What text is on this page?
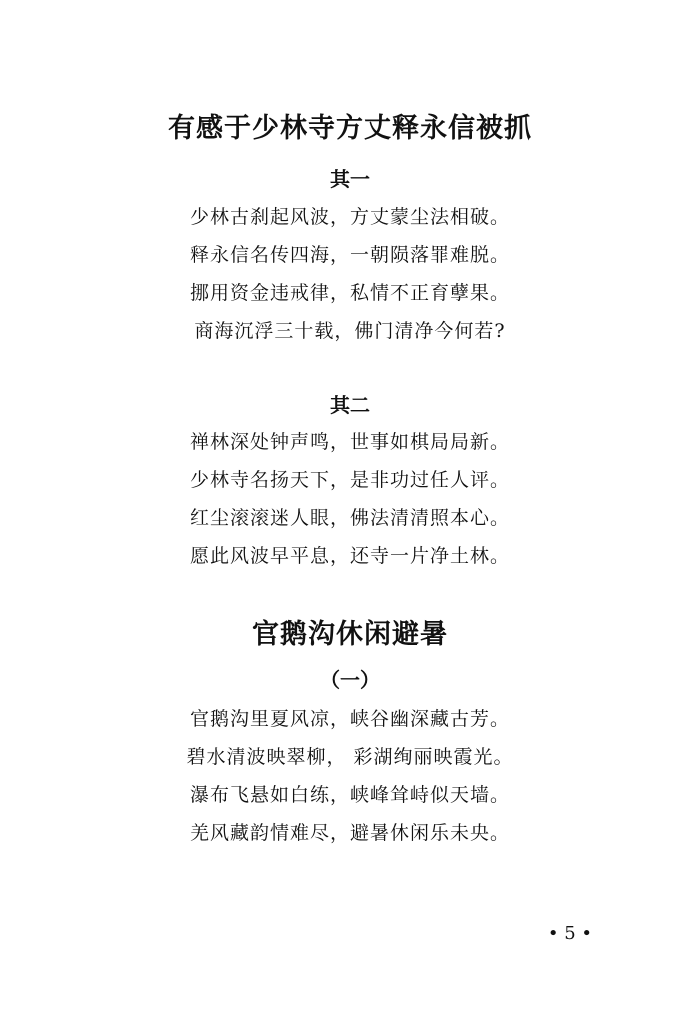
有感于少林寺方丈释永信被抓
其一
少林古刹起风波，方丈蒙尘法相破。
释永信名传四海，一朝陨落罪难脱。
挪用资金违戒律，私情不正育孽果。
商海沉浮三十载，佛门清净今何若?
其二
禅林深处钟声鸣，世事如棋局局新。
少林寺名扬天下，是非功过任人评。
红尘滚滚迷人眼，佛法清清照本心。
愿此风波早平息，还寺一片净土林。
官鹅沟休闲避暑
（一）
官鹅沟里夏风凉，峡谷幽深藏古芳。
碧水清波映翠柳， 彩湖绚丽映霞光。
瀑布飞悬如白练，峡峰耸峙似天墙。
羌风藏韵情难尽，避暑休闲乐未央。
• 5 •
